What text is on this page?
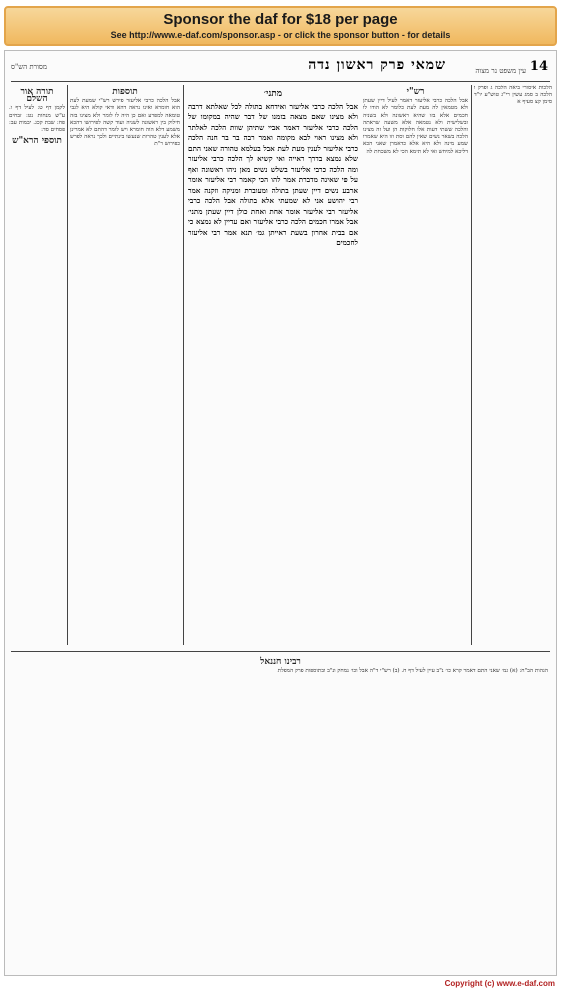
Sponsor the daf for $18 per page
See http://www.e-daf.com/sponsor.asp - or click the sponsor button - for details
14
שמאי פרק ראשון נדה
מסורת הש"ס	עין משפט נר מצוה
הלכות איסורי ביאה הלכה ג ופרק ו הלכה ב סמג עשין רי"ג טוש"ע יו"ד סימן קצ סעיף א
רש"י
אבל הלכה כרבי אליעזר דאמר לעיל דיין שעתן ולא מטמאין לה מעת לעת כלומר לא הודו לו חכמים אלא בזו שהיא ראשונה ולא בשניה ובשלישית ולא נטמאה אלא משעה שראתה והלכה ששתי דעות אלו חלוקות הן ועל זה מצינו הלכה בשאר נשים שאין להם וסת וזו היא שאמרו שמע מינה ולא היא אלא כדאמרן שאני הכא דליכא למיחש ואי לא תימא הכי לא משכחת לה
מתני׳
אבל הלכה כרבי אליעזר ואידחא בתולה לכל שאלתא דרבה ולא מצינו שאם מצאה בזמנו של דבר שהיה במקומו של הלכה כרבי אליעזר דאמר אביי שתיהן שוות הלכה לאלתר ולא מצינו ראוי לבא מקומה ואמר רבה בר בר חנה הלכה כרבי אליעזר לענין מעת לעת אבל בעלמא טהורה שאני התם שלא נמצא בדרך ראייה ואי קשיא לך הלכה כרבי אליעזר ומה הלכה כרבי אליעזר בשלש נשים מאן ניהו ראשונה ואף על פי שאינה מדברת אמר להו הכי קאמר רבי אליעזר אומר ארבע נשים דיין שעתן בתולה ומעוברת ומניקה וזקנה אמר רבי יהושע אני לא שמעתי אלא בתולה אבל הלכה כרבי אליעזר רבי אליעזר אומר אחת ואחת כולן דיין שעתן מתני׳ אבל אמרו חכמים הלכה כרבי אליעזר ואם עדיין לא נמצא כי אם בבית אחרון בשעת ראייתן גמ׳ תנא אמר רבי אליעזר לחכמים
תוספות
אבל הלכה כרבי אליעזר פירש רש"י שמעת לעת הוא חומרא ואינו נראה דהא ודאי קולא היא לגבי טומאה למפרע ואם כן היה לו לומר ולא מצינו בזה חילוק בין ראשונה לשניה ועוד קשה לפירושו דהכא משמע דלא הוה חומרא ויש לומר דהתם לא אמרינן אלא לענין טהרות שנעשו בינתיים ולכך נראה לפרש כפירוש ר"ת
תורה אור השלם
לקמן דף ט: לעיל דף ו. ע"ש מנחות נט: זבחים פח: שבת קכג. יבמות עב: פסחים סד:
תוספי הרא"ש
רבינו חננאל
הגהות הב"ח: (א) גמ׳ שאני התם דאמר קרא כו׳ נ"ב עיין לעיל דף ח. (ב) רש"י ד"ה אבל וכו׳ נמחק ונ"ב ובתוספות פרק המפלת
Copyright (c) www.e-daf.com
